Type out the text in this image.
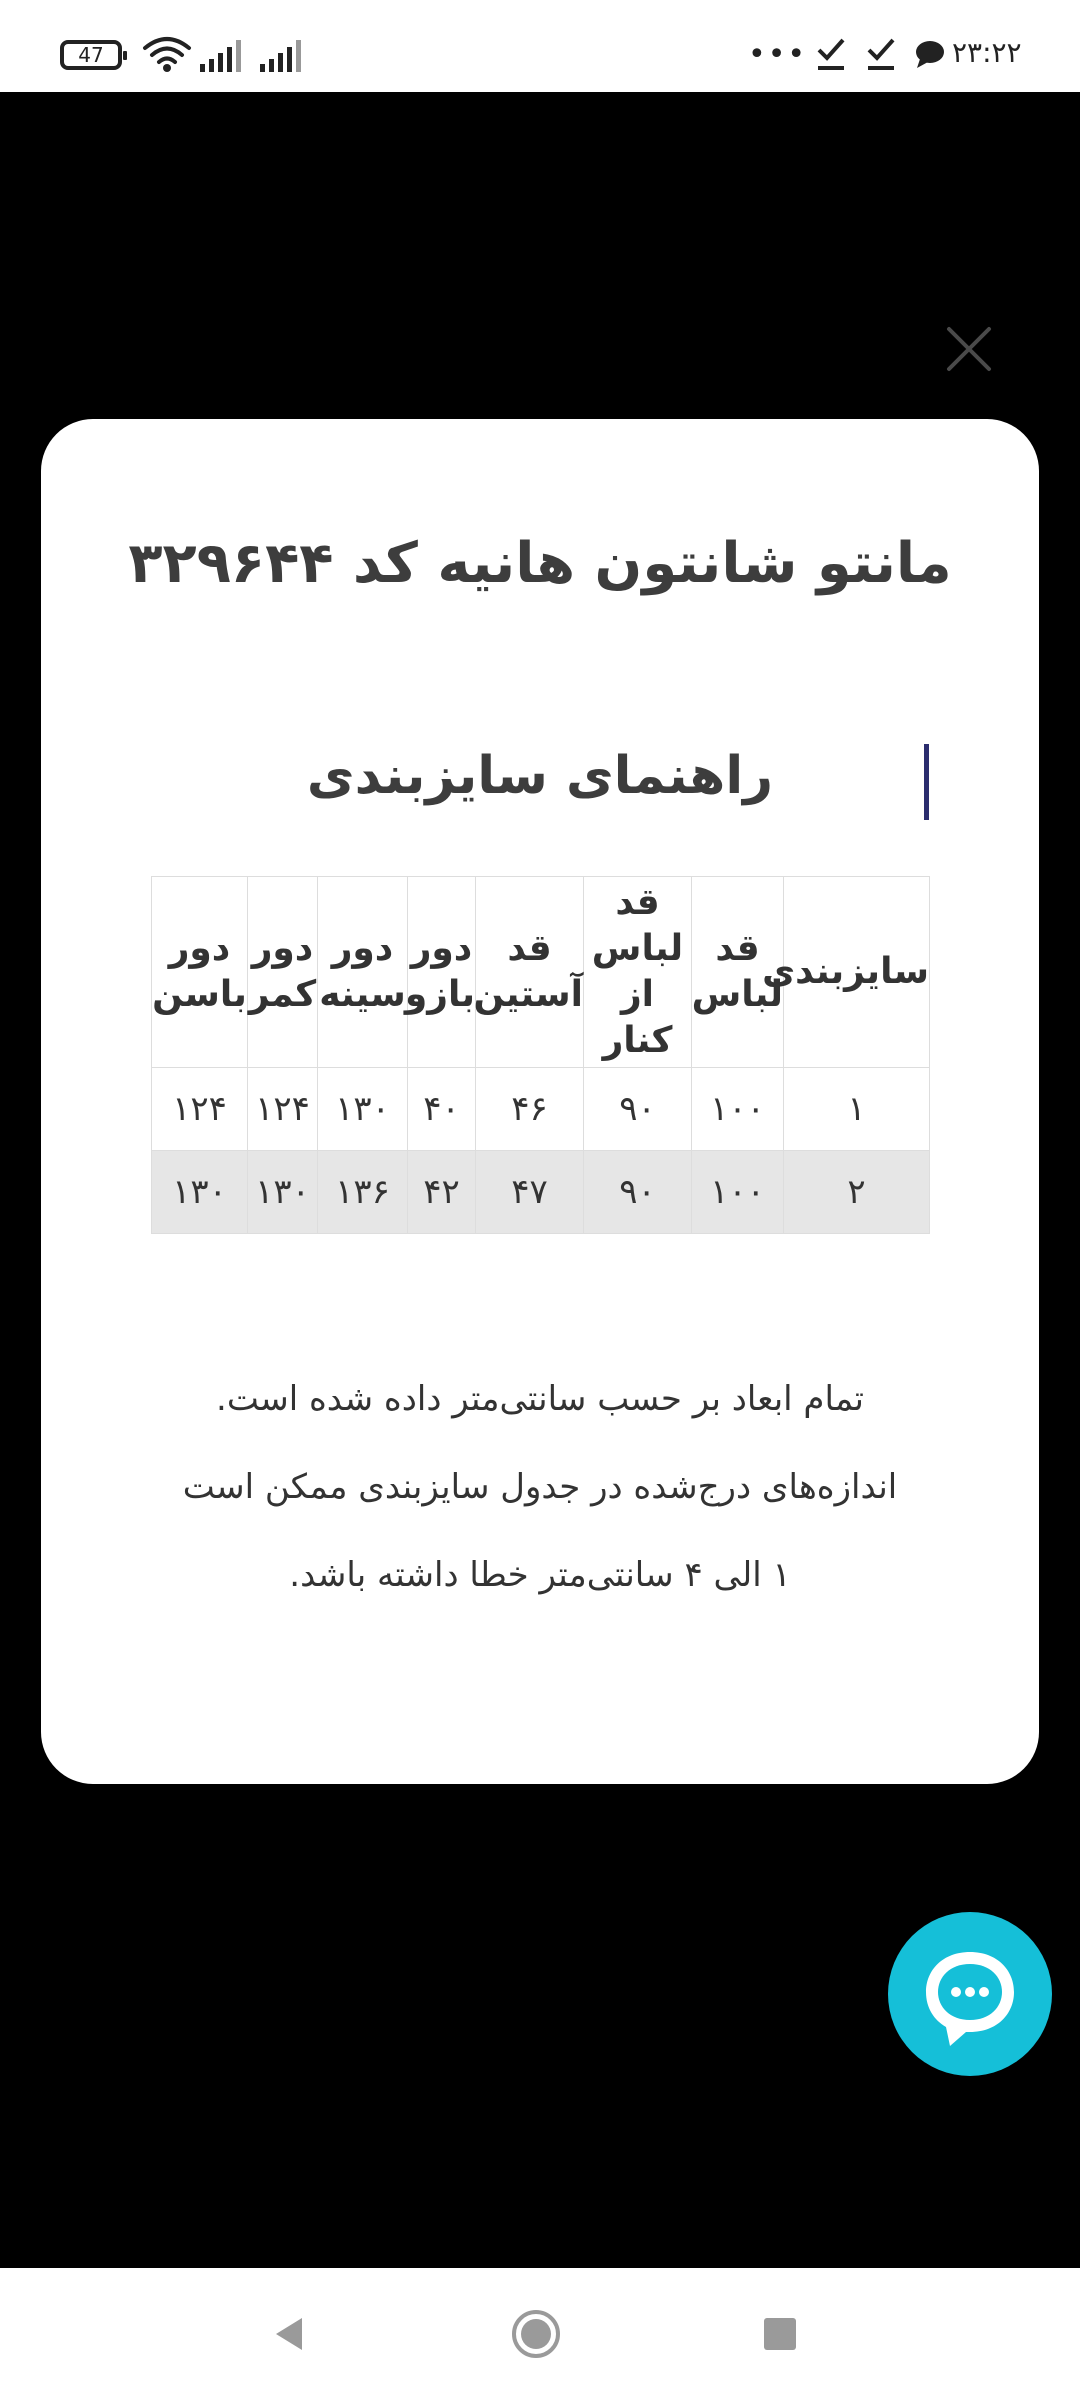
47	•••	۲۳:۲۲
مانتو شانتون هانیه کد ۳۲۹۶۴۴
راهنمای سایزبندی
سایزبندی	قد لباس	قد لباس از کنار	قد آستین	دور بازو	دور سینه	دور کمر	دور باسن
۱	۱۰۰	۹۰	۴۶	۴۰	۱۳۰	۱۲۴	۱۲۴
۲	۱۰۰	۹۰	۴۷	۴۲	۱۳۶	۱۳۰	۱۳۰

تمام ابعاد بر حسب سانتی‌متر داده شده است.

اندازه‌های درج‌شده در جدول سایزبندی ممکن است

۱ الی ۴ سانتی‌متر خطا داشته باشد.
